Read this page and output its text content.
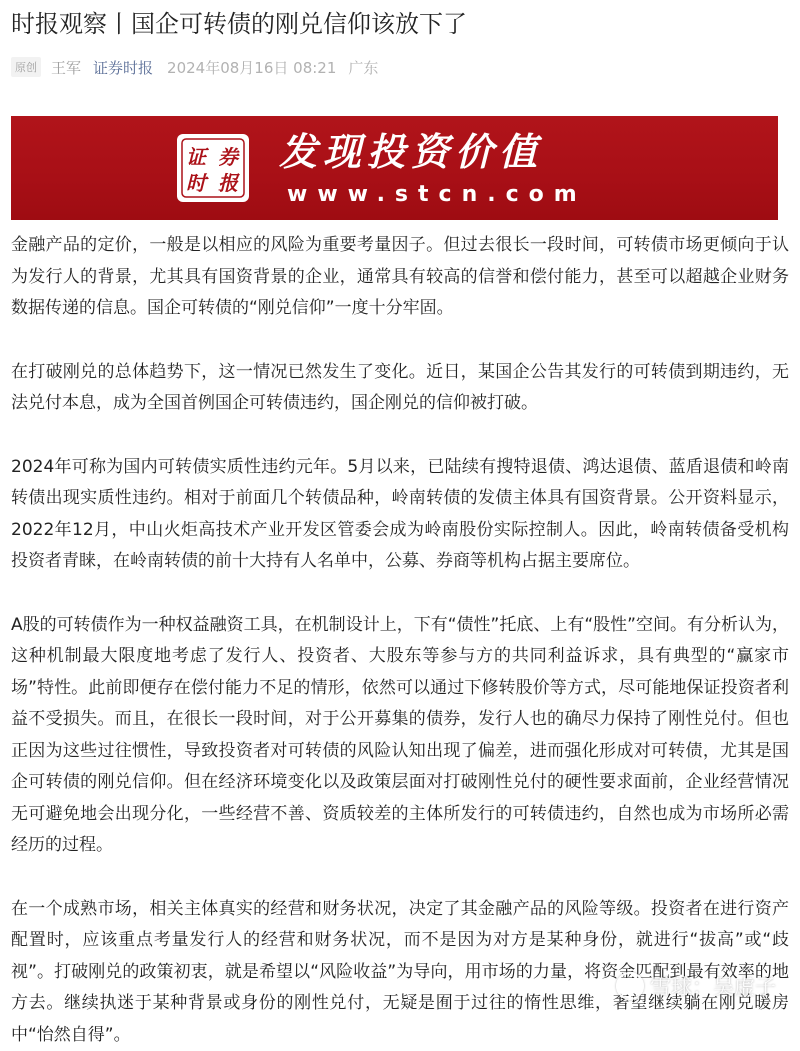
时报观察丨国企可转债的刚兑信仰该放下了
原创 王军 证券时报 2024年08月16日 08:21 广东
证 券
时 报
发现投资价值
www.stcn.com

金融产品的定价，一般是以相应的风险为重要考量因子。但过去很长一段时间，可转债市场更倾向于认为发行人的背景，尤其具有国资背景的企业，通常具有较高的信誉和偿付能力，甚至可以超越企业财务数据传递的信息。国企可转债的“刚兑信仰”一度十分牢固。

在打破刚兑的总体趋势下，这一情况已然发生了变化。近日，某国企公告其发行的可转债到期违约，无法兑付本息，成为全国首例国企可转债违约，国企刚兑的信仰被打破。

2024年可称为国内可转债实质性违约元年。5月以来，已陆续有搜特退债、鸿达退债、蓝盾退债和岭南转债出现实质性违约。相对于前面几个转债品种，岭南转债的发债主体具有国资背景。公开资料显示，2022年12月，中山火炬高技术产业开发区管委会成为岭南股份实际控制人。因此，岭南转债备受机构投资者青睐，在岭南转债的前十大持有人名单中，公募、券商等机构占据主要席位。

A股的可转债作为一种权益融资工具，在机制设计上，下有“债性”托底、上有“股性”空间。有分析认为，这种机制最大限度地考虑了发行人、投资者、大股东等参与方的共同利益诉求，具有典型的“赢家市场”特性。此前即便存在偿付能力不足的情形，依然可以通过下修转股价等方式，尽可能地保证投资者利益不受损失。而且，在很长一段时间，对于公开募集的债券，发行人也的确尽力保持了刚性兑付。但也正因为这些过往惯性，导致投资者对可转债的风险认知出现了偏差，进而强化形成对可转债，尤其是国企可转债的刚兑信仰。但在经济环境变化以及政策层面对打破刚性兑付的硬性要求面前，企业经营情况无可避免地会出现分化，一些经营不善、资质较差的主体所发行的可转债违约，自然也成为市场所必需经历的过程。

在一个成熟市场，相关主体真实的经营和财务状况，决定了其金融产品的风险等级。投资者在进行资产配置时，应该重点考量发行人的经营和财务状况，而不是因为对方是某种身份，就进行“拔高”或“歧视”。打破刚兑的政策初衷，就是希望以“风险收益”为导向，用市场的力量，将资金匹配到最有效率的地方去。继续执迷于某种背景或身份的刚性兑付，无疑是囿于过往的惰性思维，奢望继续躺在刚兑暖房中“怡然自得”。

雪球：吴虚子
